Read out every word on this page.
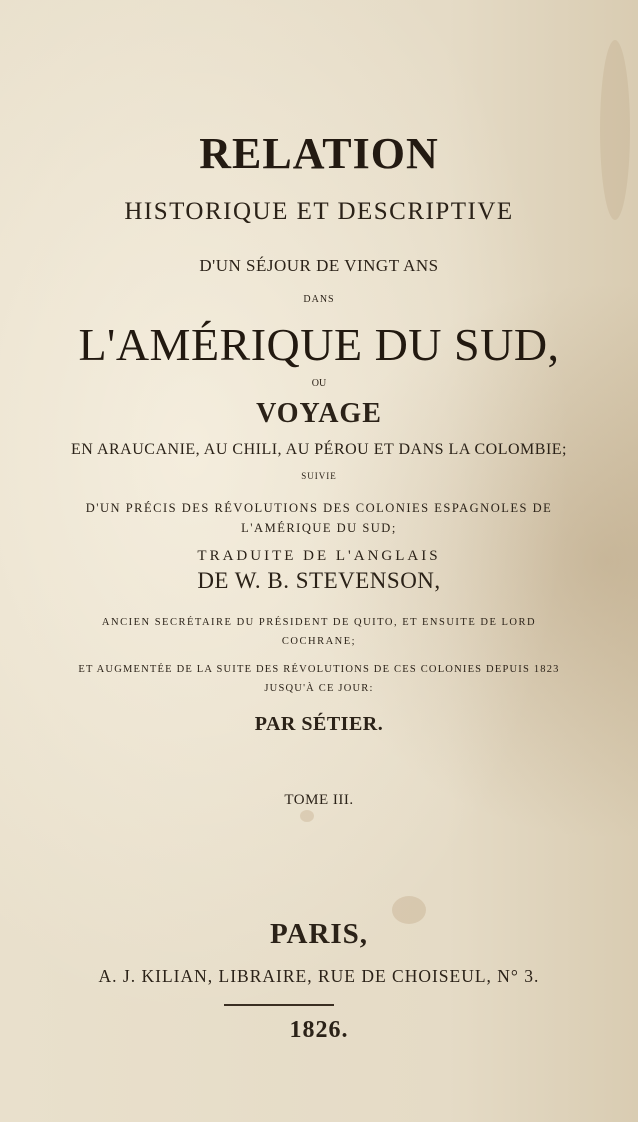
RELATION
HISTORIQUE ET DESCRIPTIVE
D'UN SÉJOUR DE VINGT ANS
DANS
L'AMÉRIQUE DU SUD,
OU
VOYAGE
EN ARAUCANIE, AU CHILI, AU PÉROU ET DANS LA COLOMBIE;
SUIVIE
D'UN PRÉCIS DES RÉVOLUTIONS DES COLONIES ESPAGNOLES DE
L'AMÉRIQUE DU SUD;
TRADUITE DE L'ANGLAIS
DE W. B. STEVENSON,
ANCIEN SECRÉTAIRE DU PRÉSIDENT DE QUITO, ET ENSUITE DE LORD
COCHRANE;
ET AUGMENTÉE DE LA SUITE DES RÉVOLUTIONS DE CES COLONIES DEPUIS 1823
JUSQU'À CE JOUR:
PAR SÉTIER.
TOME III.
PARIS,
A. J. KILIAN, LIBRAIRE, RUE DE CHOISEUL, N° 3.
1826.
